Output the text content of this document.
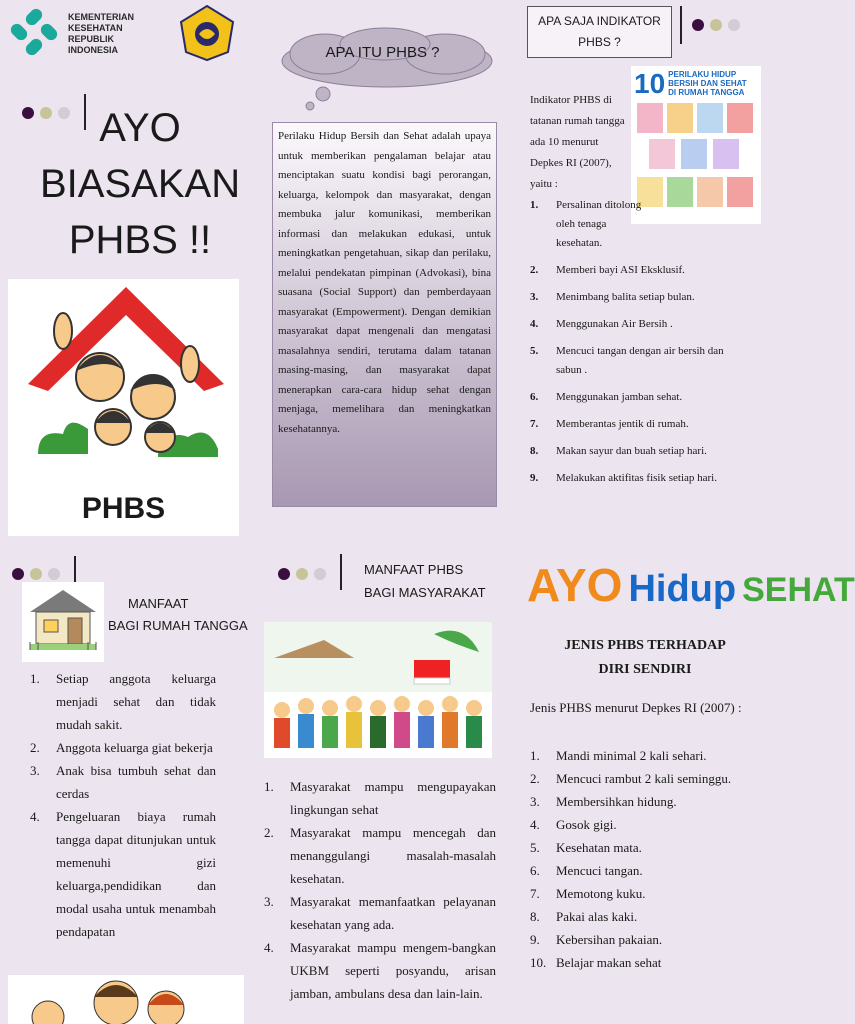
KEMENTERIAN
KESEHATAN
REPUBLIK
INDONESIA
AYO
BIASAKAN
PHBS !!
PHBS
APA ITU PHBS ?
Perilaku Hidup Bersih dan Sehat adalah upaya untuk memberikan pengalaman belajar atau menciptakan suatu kondisi bagi perorangan, keluarga, kelompok dan masyarakat, dengan membuka jalur komunikasi, memberikan informasi dan melakukan edukasi, untuk meningkatkan pengetahuan, sikap dan perilaku, melalui pendekatan pimpinan (Advokasi), bina suasana (Social Support) dan pemberdayaan masyarakat (Empowerment). Dengan demikian masyarakat dapat mengenali dan mengatasi masalahnya sendiri, terutama dalam tatanan masing-masing, dan masyarakat dapat menerapkan cara-cara hidup sehat dengan menjaga, memelihara dan meningkatkan kesehatannya.
APA SAJA INDIKATOR
PHBS ?
10 PERILAKU HIDUP
BERSIH DAN SEHAT
DI RUMAH TANGGA
Indikator PHBS di tatanan rumah tangga ada 10 menurut Depkes RI (2007), yaitu :
1.	Persalinan ditolong oleh tenaga kesehatan.
2.	Memberi bayi ASI Eksklusif.
3.	Menimbang balita setiap bulan.
4.	Menggunakan Air Bersih .
5.	Mencuci tangan dengan air bersih dan sabun .
6.	Menggunakan jamban sehat.
7.	Memberantas jentik di rumah.
8.	Makan sayur dan buah setiap hari.
9.	Melakukan aktifitas fisik setiap hari.
MANFAAT
BAGI RUMAH TANGGA
1.	Setiap anggota keluarga menjadi sehat dan tidak mudah sakit.
2.	Anggota keluarga giat bekerja
3.	Anak bisa tumbuh sehat dan cerdas
4.	Pengeluaran biaya rumah tangga dapat ditunjukan untuk memenuhi gizi keluarga,pendidikan dan modal usaha untuk menambah pendapatan
MANFAAT PHBS
BAGI MASYARAKAT
1.	Masyarakat mampu mengupayakan lingkungan sehat
2.	Masyarakat mampu mencegah dan menanggulangi masalah-masalah kesehatan.
3.	Masyarakat memanfaatkan pelayanan kesehatan yang ada.
4.	Masyarakat mampu mengem-bangkan UKBM seperti posyandu, arisan jamban, ambulans desa dan lain-lain.
AYO Hidup SEHAT
JENIS PHBS TERHADAP
DIRI SENDIRI
Jenis PHBS menurut Depkes RI (2007) :
1.	Mandi minimal 2 kali sehari.
2.	Mencuci rambut 2 kali seminggu.
3.	Membersihkan hidung.
4.	Gosok gigi.
5.	Kesehatan mata.
6.	Mencuci tangan.
7.	Memotong kuku.
8.	Pakai alas kaki.
9.	Kebersihan pakaian.
10. Belajar makan sehat
